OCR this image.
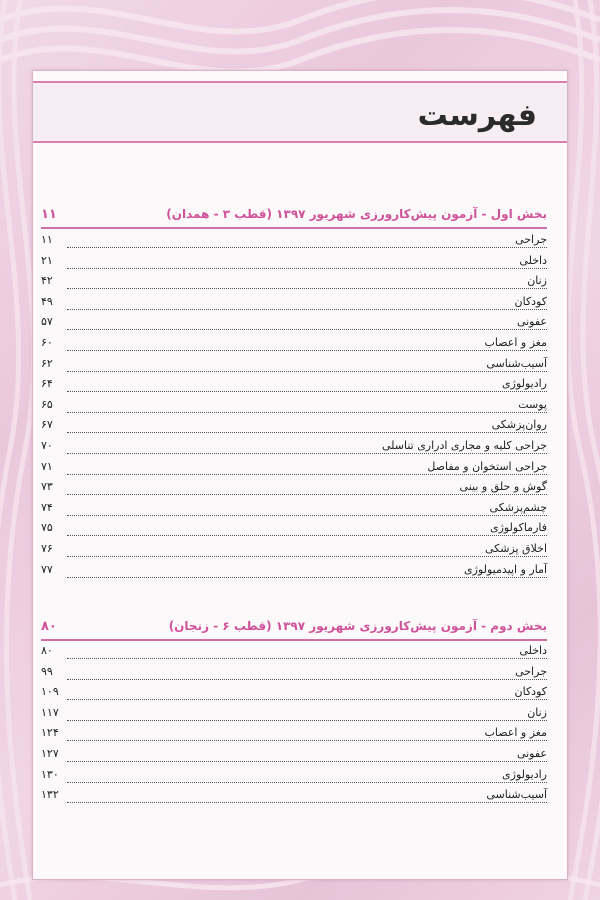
فهرست
بخش اول - آزمون پیش‌کارورزی شهریور ۱۳۹۷ (قطب ۳ - همدان)
۱۱
جراحی
۱۱
داخلی
۲۱
زنان
۴۲
کودکان
۴۹
عفونی
۵۷
مغز و اعصاب
۶۰
آسیب‌شناسی
۶۲
رادیولوژی
۶۴
پوست
۶۵
روان‌پزشکی
۶۷
جراحی کلیه و مجاری ادراری تناسلی
۷۰
جراحی استخوان و مفاصل
۷۱
گوش و حلق و بینی
۷۳
چشم‌پزشکی
۷۴
فارماکولوژی
۷۵
اخلاق پزشکی
۷۶
آمار و اپیدمیولوژی
۷۷
بخش دوم - آزمون پیش‌کارورزی شهریور ۱۳۹۷ (قطب ۶ - زنجان)
۸۰
داخلی
۸۰
جراحی
۹۹
کودکان
۱۰۹
زنان
۱۱۷
مغز و اعصاب
۱۲۴
عفونی
۱۲۷
رادیولوژی
۱۳۰
آسیب‌شناسی
۱۳۲
